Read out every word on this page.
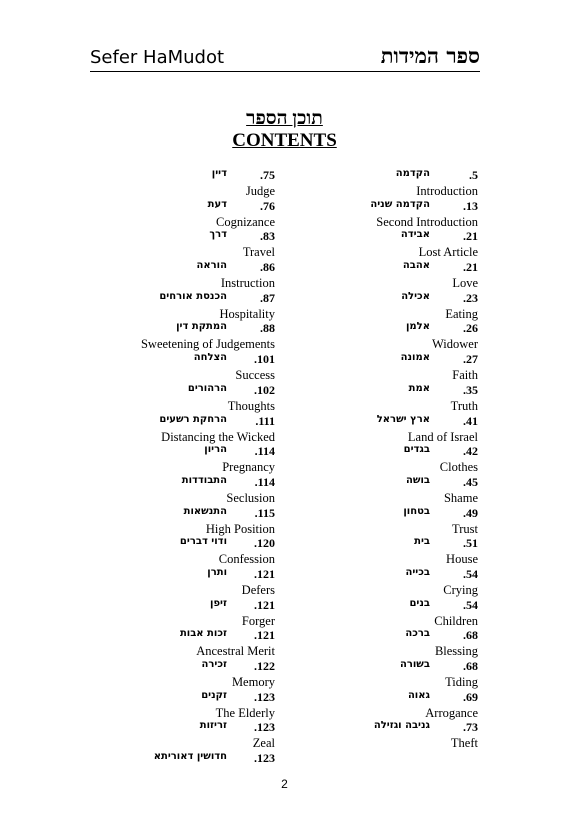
Sefer HaMudot	ספר המידות
תוכן הספר
CONTENTS
.75
דיין
Judge
.76
דעת
Cognizance
.83
דרך
Travel
.86
הוראה
Instruction
.87
הכנסת אורחים
Hospitality
.88
המתקת דין
Sweetening of Judgements
.101
הצלחה
Success
.102
הרהורים
Thoughts
.111
הרחקת רשעים
Distancing the Wicked
.114
הריון
Pregnancy
.114
התבודדות
Seclusion
.115
התנשאות
High Position
.120
ודוי דברים
Confession
.121
ותרן
Defers
.121
זיפן
Forger
.121
זכות אבות
Ancestral Merit
.122
זכירה
Memory
.123
זקנים
The Elderly
.123
זריזות
Zeal
.123
חדושין דאוריתא
.5
הקדמה
Introduction
.13
הקדמה שניה
Second Introduction
.21
אבידה
Lost Article
.21
אהבה
Love
.23
אכילה
Eating
.26
אלמן
Widower
.27
אמונה
Faith
.35
אמת
Truth
.41
ארץ ישראל
Land of Israel
.42
בגדים
Clothes
.45
בושה
Shame
.49
בטחון
Trust
.51
בית
House
.54
בכייה
Crying
.54
בנים
Children
.68
ברכה
Blessing
.68
בשורה
Tiding
.69
גאוה
Arrogance
.73
גניבה וגזילה
Theft
2
